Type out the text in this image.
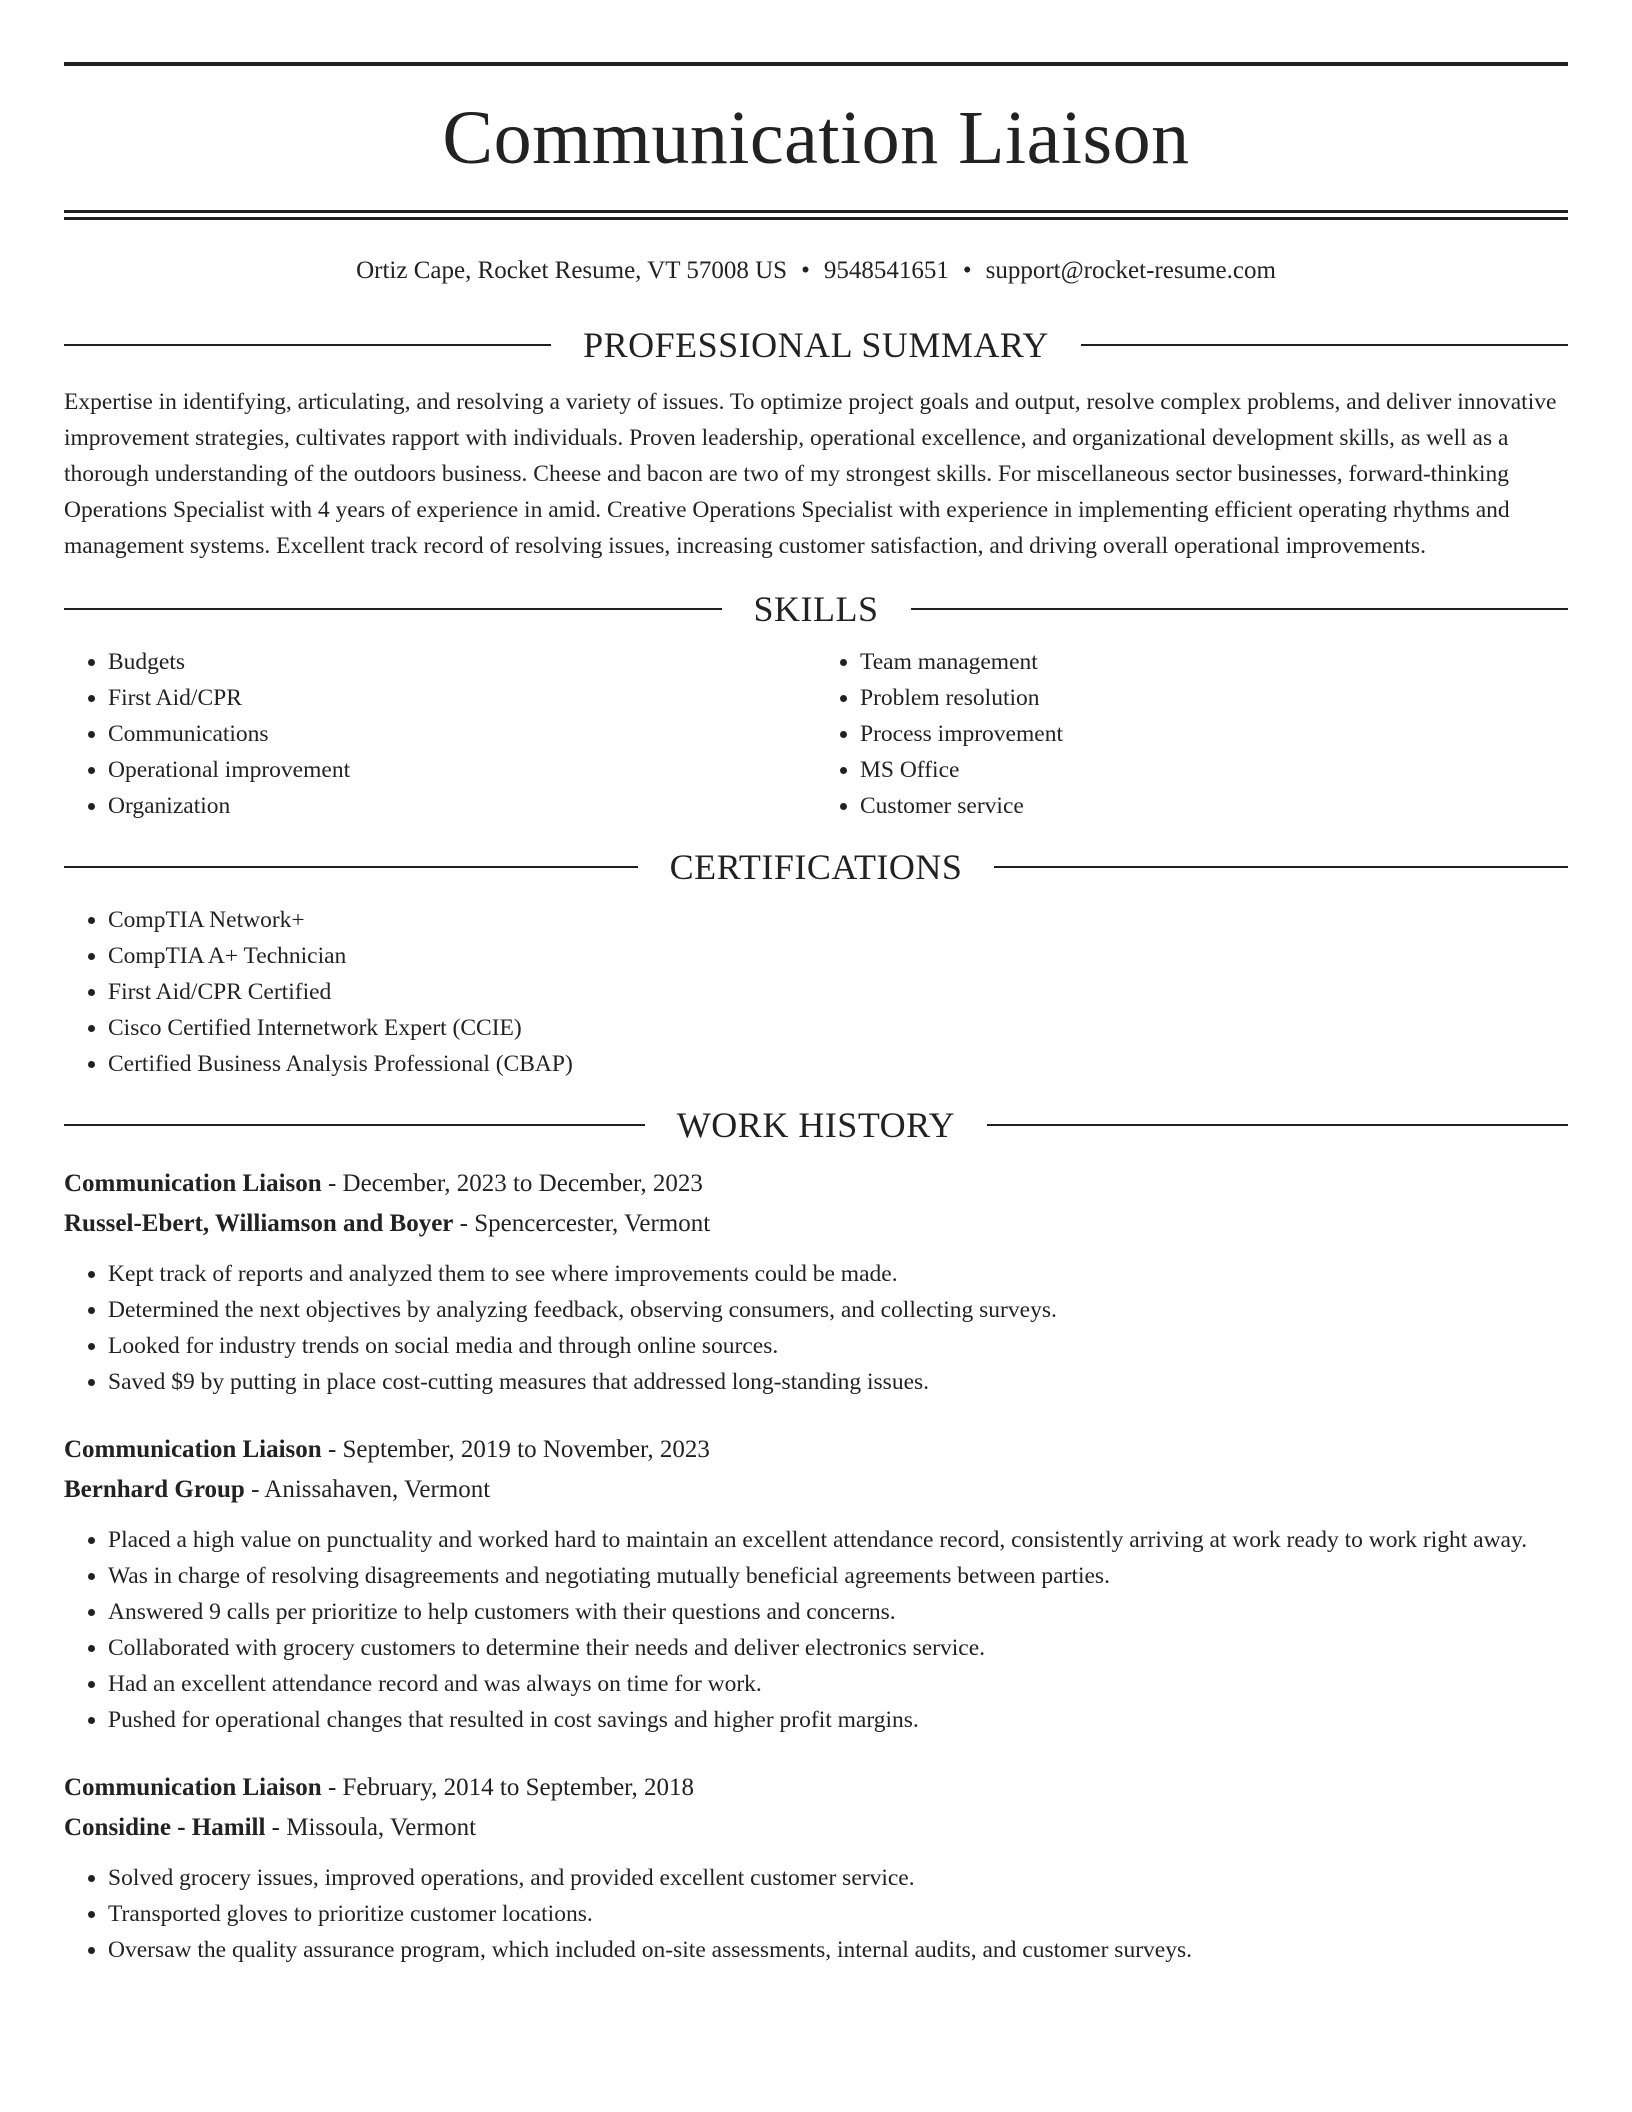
Communication Liaison
Ortiz Cape, Rocket Resume, VT 57008 US • 9548541651 • support@rocket-resume.com
PROFESSIONAL SUMMARY

Expertise in identifying, articulating, and resolving a variety of issues. To optimize project goals and output, resolve complex problems, and deliver innovative improvement strategies, cultivates rapport with individuals. Proven leadership, operational excellence, and organizational development skills, as well as a thorough understanding of the outdoors business. Cheese and bacon are two of my strongest skills. For miscellaneous sector businesses, forward-thinking Operations Specialist with 4 years of experience in amid. Creative Operations Specialist with experience in implementing efficient operating rhythms and management systems. Excellent track record of resolving issues, increasing customer satisfaction, and driving overall operational improvements.

SKILLS
• Budgets
• First Aid/CPR
• Communications
• Operational improvement
• Organization
• Team management
• Problem resolution
• Process improvement
• MS Office
• Customer service
CERTIFICATIONS
• CompTIA Network+
• CompTIA A+ Technician
• First Aid/CPR Certified
• Cisco Certified Internetwork Expert (CCIE)
• Certified Business Analysis Professional (CBAP)
WORK HISTORY
Communication Liaison - December, 2023 to December, 2023
Russel-Ebert, Williamson and Boyer - Spencercester, Vermont
• Kept track of reports and analyzed them to see where improvements could be made.
• Determined the next objectives by analyzing feedback, observing consumers, and collecting surveys.
• Looked for industry trends on social media and through online sources.
• Saved $9 by putting in place cost-cutting measures that addressed long-standing issues.
Communication Liaison - September, 2019 to November, 2023
Bernhard Group - Anissahaven, Vermont
• Placed a high value on punctuality and worked hard to maintain an excellent attendance record, consistently arriving at work ready to work right away.
• Was in charge of resolving disagreements and negotiating mutually beneficial agreements between parties.
• Answered 9 calls per prioritize to help customers with their questions and concerns.
• Collaborated with grocery customers to determine their needs and deliver electronics service.
• Had an excellent attendance record and was always on time for work.
• Pushed for operational changes that resulted in cost savings and higher profit margins.
Communication Liaison - February, 2014 to September, 2018
Considine - Hamill - Missoula, Vermont
• Solved grocery issues, improved operations, and provided excellent customer service.
• Transported gloves to prioritize customer locations.
• Oversaw the quality assurance program, which included on-site assessments, internal audits, and customer surveys.
